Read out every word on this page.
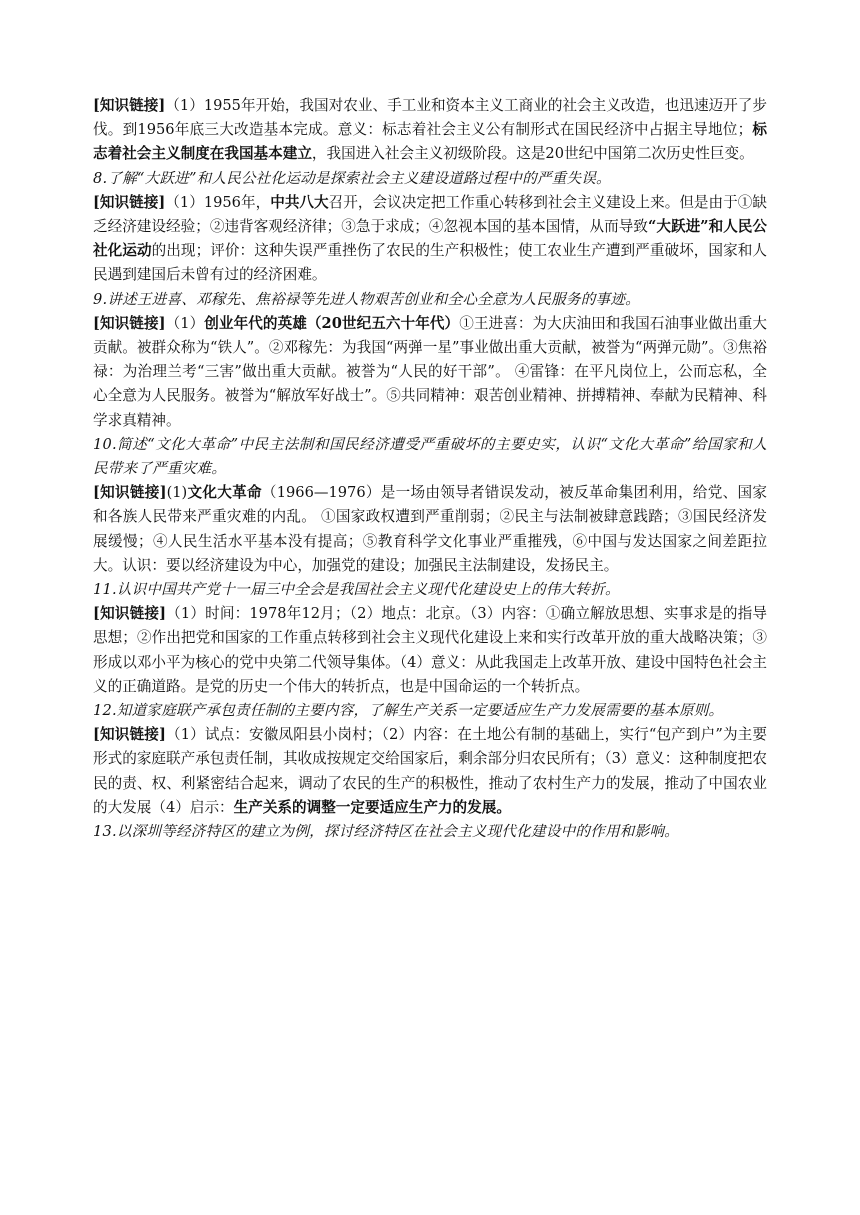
[知识链接]（1）1955年开始，我国对农业、手工业和资本主义工商业的社会主义改造，也迅速迈开了步伐。到1956年底三大改造基本完成。意义：标志着社会主义公有制形式在国民经济中占据主导地位；标志着社会主义制度在我国基本建立，我国进入社会主义初级阶段。这是20世纪中国第二次历史性巨变。

8.了解“大跃进”和人民公社化运动是探索社会主义建设道路过程中的严重失误。

[知识链接]（1）1956年，中共八大召开，会议决定把工作重心转移到社会主义建设上来。但是由于①缺乏经济建设经验；②违背客观经济律；③急于求成；④忽视本国的基本国情，从而导致“大跃进”和人民公社化运动的出现；评价：这种失误严重挫伤了农民的生产积极性；使工农业生产遭到严重破坏，国家和人民遇到建国后未曾有过的经济困难。

9.讲述王进喜、邓稼先、焦裕禄等先进人物艰苦创业和全心全意为人民服务的事迹。

[知识链接]（1）创业年代的英雄（20世纪五六十年代）①王进喜：为大庆油田和我国石油事业做出重大贡献。被群众称为“铁人”。②邓稼先：为我国“两弹一星”事业做出重大贡献，被誉为“两弹元勋”。③焦裕禄：为治理兰考“三害”做出重大贡献。被誉为“人民的好干部”。 ④雷锋：在平凡岗位上，公而忘私，全心全意为人民服务。被誉为“解放军好战士”。⑤共同精神：艰苦创业精神、拼搏精神、奉献为民精神、科学求真精神。

10.简述“文化大革命”中民主法制和国民经济遭受严重破坏的主要史实，认识“文化大革命”给国家和人民带来了严重灾难。

[知识链接](1)文化大革命（1966—1976）是一场由领导者错误发动，被反革命集团利用，给党、国家和各族人民带来严重灾难的内乱。 ①国家政权遭到严重削弱；②民主与法制被肆意践踏；③国民经济发展缓慢；④人民生活水平基本没有提高；⑤教育科学文化事业严重摧残，⑥中国与发达国家之间差距拉大。认识：要以经济建设为中心，加强党的建设；加强民主法制建设，发扬民主。

11.认识中国共产党十一届三中全会是我国社会主义现代化建设史上的伟大转折。

[知识链接]（1）时间：1978年12月；（2）地点：北京。（3）内容：①确立解放思想、实事求是的指导思想；②作出把党和国家的工作重点转移到社会主义现代化建设上来和实行改革开放的重大战略决策；③形成以邓小平为核心的党中央第二代领导集体。（4）意义：从此我国走上改革开放、建设中国特色社会主义的正确道路。是党的历史一个伟大的转折点，也是中国命运的一个转折点。

12.知道家庭联产承包责任制的主要内容，了解生产关系一定要适应生产力发展需要的基本原则。

[知识链接]（1）试点：安徽凤阳县小岗村；（2）内容：在土地公有制的基础上，实行“包产到户”为主要形式的家庭联产承包责任制，其收成按规定交给国家后，剩余部分归农民所有；（3）意义：这种制度把农民的责、权、利紧密结合起来，调动了农民的生产的积极性，推动了农村生产力的发展，推动了中国农业的大发展（4）启示：生产关系的调整一定要适应生产力的发展。

13.以深圳等经济特区的建立为例，探讨经济特区在社会主义现代化建设中的作用和影响。
